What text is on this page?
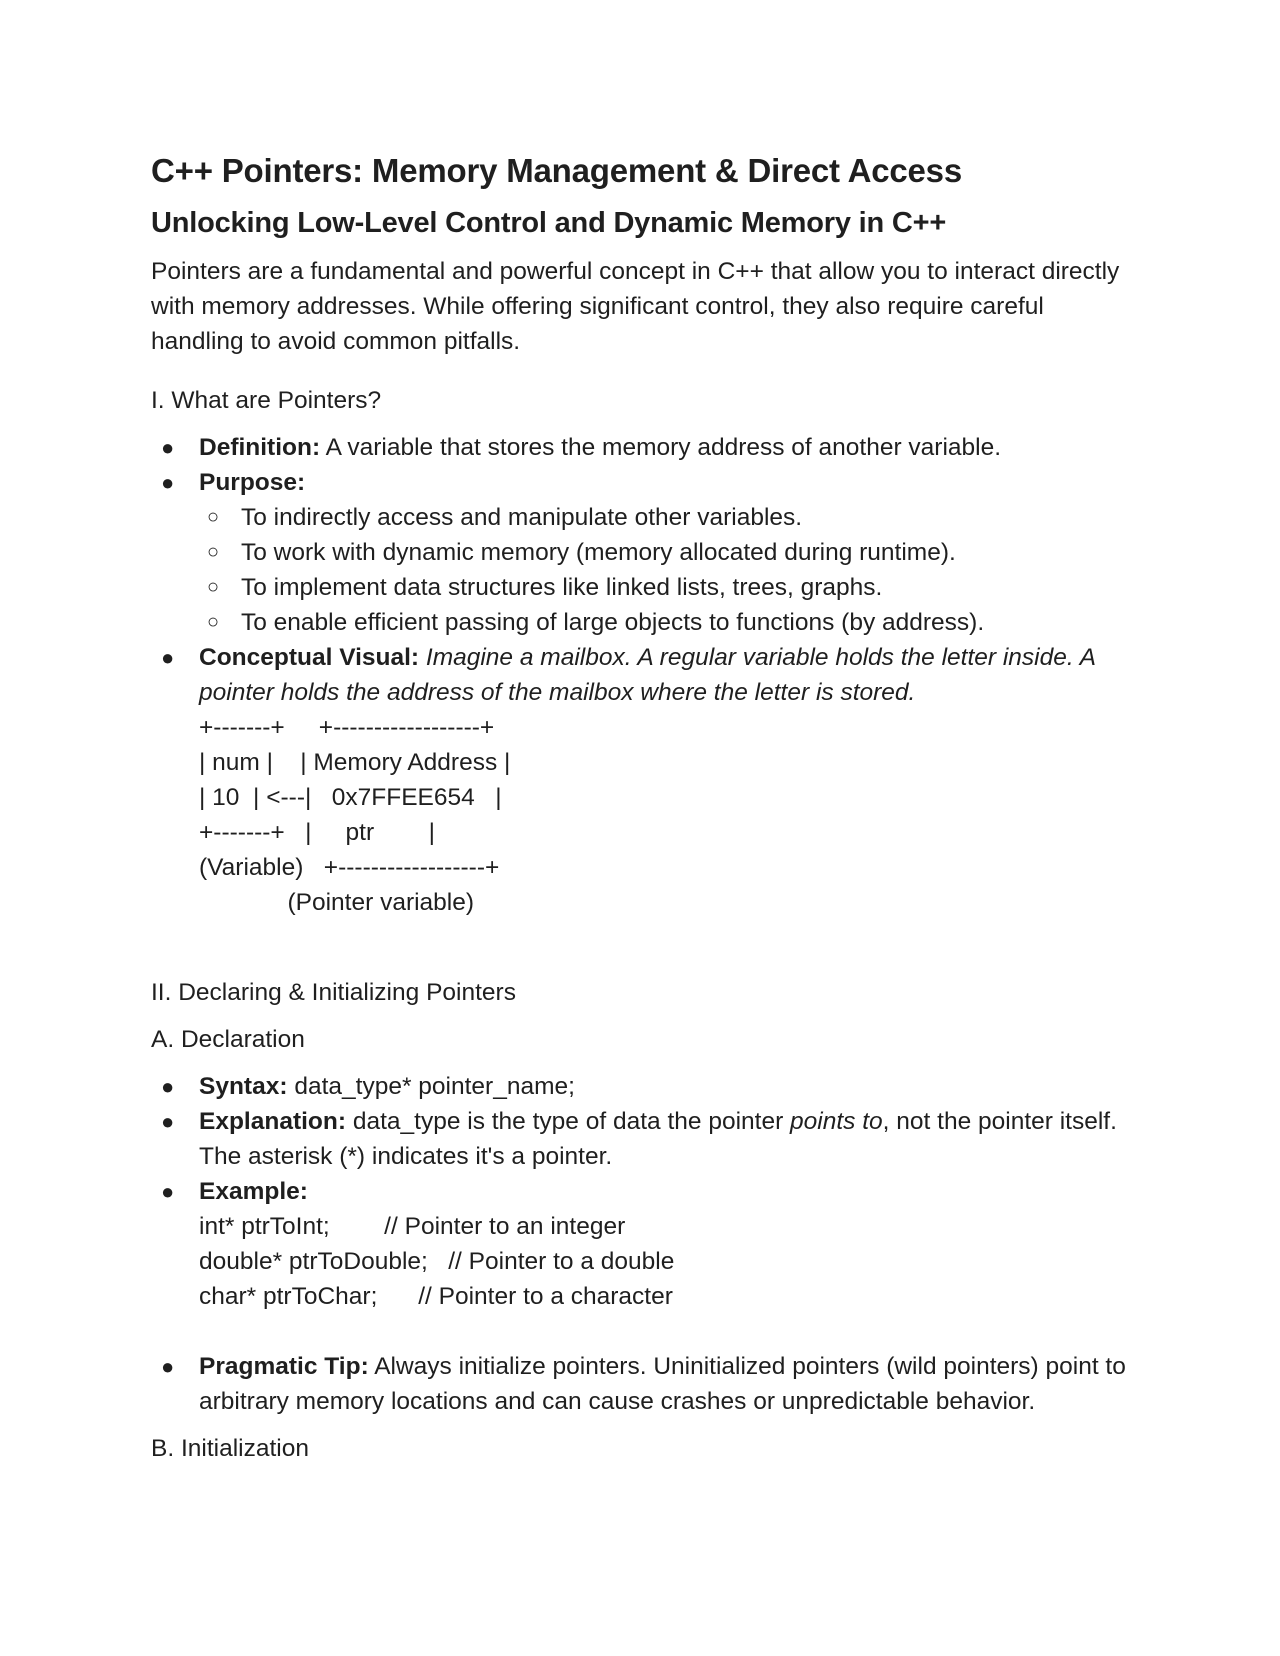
C++ Pointers: Memory Management & Direct Access
Unlocking Low-Level Control and Dynamic Memory in C++

Pointers are a fundamental and powerful concept in C++ that allow you to interact directly with memory addresses. While offering significant control, they also require careful handling to avoid common pitfalls.

I. What are Pointers?

● Definition: A variable that stores the memory address of another variable.
● Purpose:
○ To indirectly access and manipulate other variables.
○ To work with dynamic memory (memory allocated during runtime).
○ To implement data structures like linked lists, trees, graphs.
○ To enable efficient passing of large objects to functions (by address).
● Conceptual Visual: Imagine a mailbox. A regular variable holds the letter inside. A pointer holds the address of the mailbox where the letter is stored.

+-------+     +------------------+

| num |    | Memory Address |

| 10  | <---|   0x7FFEE654   |

+-------+   |     ptr        |

(Variable)   +------------------+

(Pointer variable)

II. Declaring & Initializing Pointers

A. Declaration

● Syntax: data_type* pointer_name;
● Explanation: data_type is the type of data the pointer points to, not the pointer itself. The asterisk (*) indicates it's a pointer.
● Example:

int* ptrToInt;        // Pointer to an integer

double* ptrToDouble;   // Pointer to a double

char* ptrToChar;      // Pointer to a character

● Pragmatic Tip: Always initialize pointers. Uninitialized pointers (wild pointers) point to arbitrary memory locations and can cause crashes or unpredictable behavior.

B. Initialization
